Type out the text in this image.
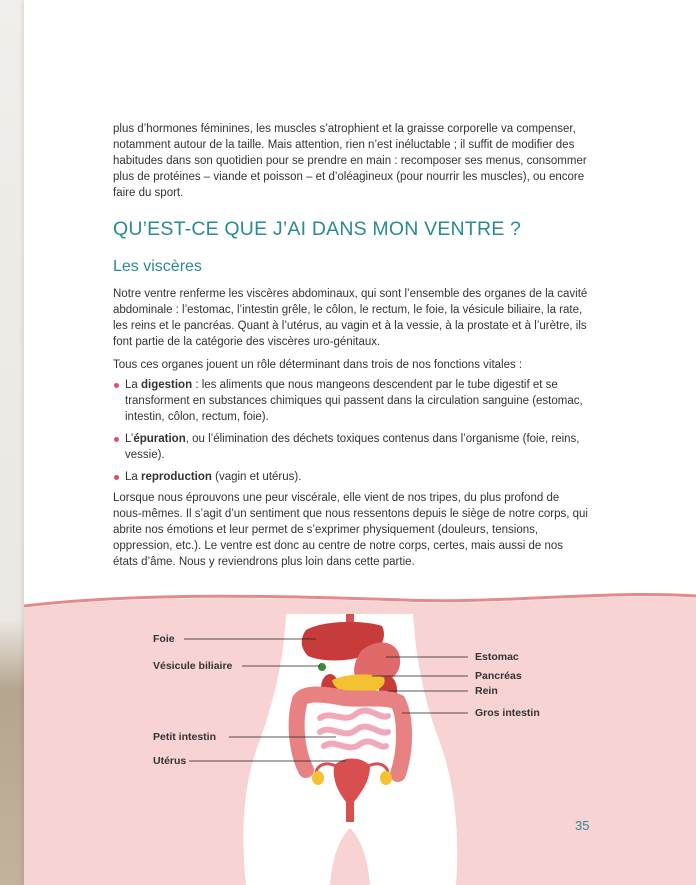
plus d’hormones féminines, les muscles s’atrophient et la graisse corporelle va compenser, notamment autour de la taille. Mais attention, rien n’est inéluctable ; il suffit de modifier des habitudes dans son quotidien pour se prendre en main : recomposer ses menus, consommer plus de protéines – viande et poisson – et d’oléagineux (pour nourrir les muscles), ou encore faire du sport.
QU’EST-CE QUE J’AI DANS MON VENTRE ?
Les viscères
Notre ventre renferme les viscères abdominaux, qui sont l’ensemble des organes de la cavité abdominale : l’estomac, l’intestin grêle, le côlon, le rectum, le foie, la vésicule biliaire, la rate, les reins et le pancréas. Quant à l’utérus, au vagin et à la vessie, à la prostate et à l’urètre, ils font partie de la catégorie des viscères uro-génitaux.
Tous ces organes jouent un rôle déterminant dans trois de nos fonctions vitales :
La digestion : les aliments que nous mangeons descendent par le tube digestif et se transforment en substances chimiques qui passent dans la circulation sanguine (estomac, intestin, côlon, rectum, foie).
L’épuration, ou l’élimination des déchets toxiques contenus dans l’organisme (foie, reins, vessie).
La reproduction (vagin et utérus).
Lorsque nous éprouvons une peur viscérale, elle vient de nos tripes, du plus profond de nous-mêmes. Il s’agit d’un sentiment que nous ressentons depuis le siège de notre corps, qui abrite nos émotions et leur permet de s’exprimer physiquement (douleurs, tensions, oppression, etc.). Le ventre est donc au centre de notre corps, certes, mais aussi de nos états d’âme. Nous y reviendrons plus loin dans cette partie.
Foie
Vésicule biliaire
Petit intestin
Utérus
Estomac
Pancréas
Rein
Gros intestin
35
